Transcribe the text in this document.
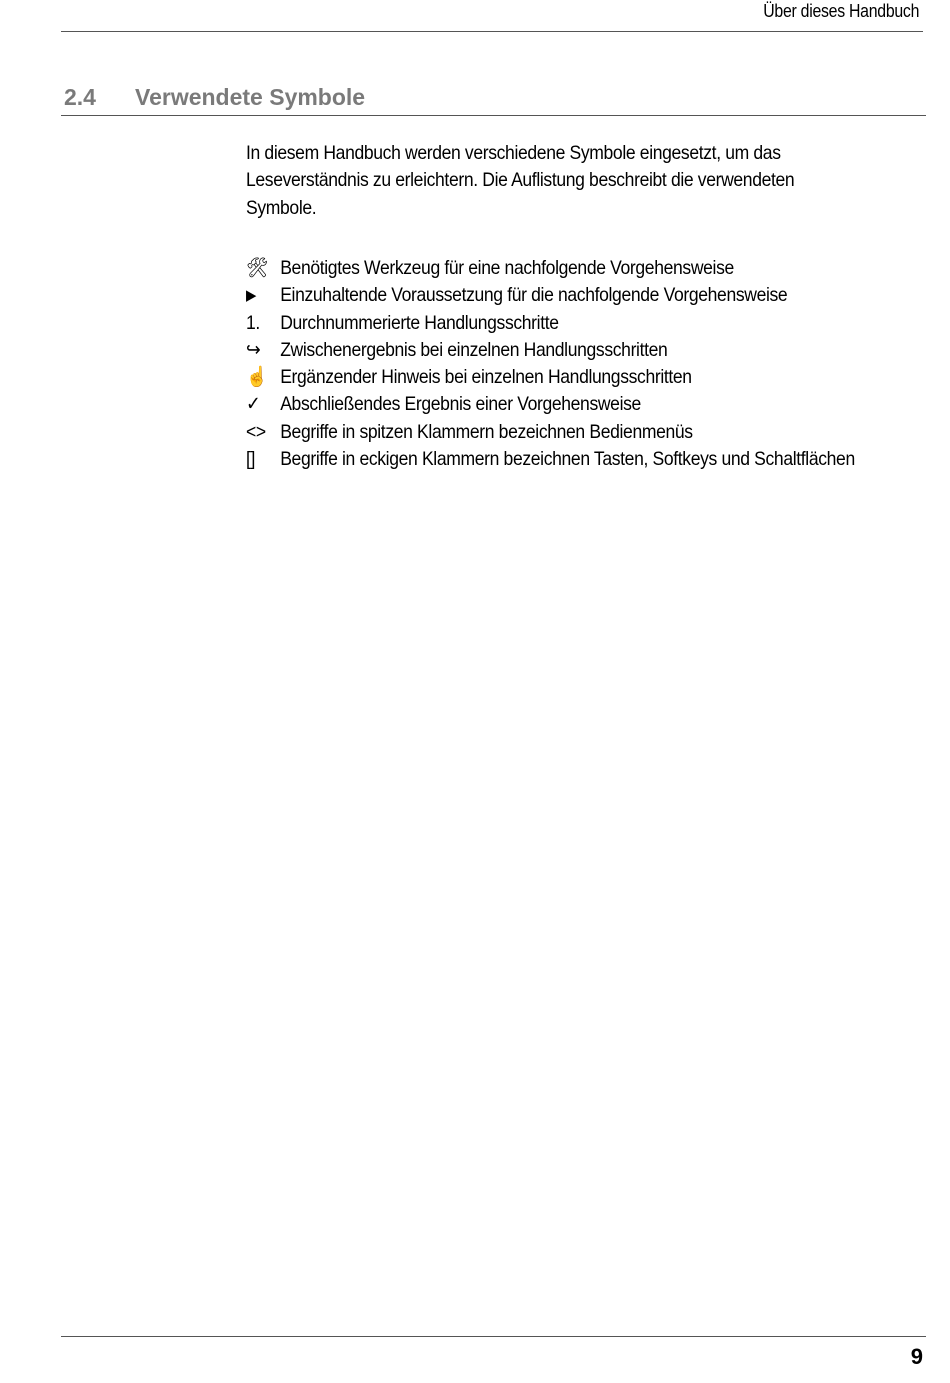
Über dieses Handbuch
2.4 Verwendete Symbole

In diesem Handbuch werden verschiedene Symbole eingesetzt, um das Leseverständnis zu erleichtern. Die Auflistung beschreibt die verwendeten Symbole.

🛠 Benötigtes Werkzeug für eine nachfolgende Vorgehensweise
▶	Einzuhaltende Voraussetzung für die nachfolgende Vorgehensweise
1.	Durchnummerierte Handlungsschritte
↪	Zwischenergebnis bei einzelnen Handlungsschritten
☝ Ergänzender Hinweis bei einzelnen Handlungsschritten
✓	Abschließendes Ergebnis einer Vorgehensweise
<> Begriffe in spitzen Klammern bezeichnen Bedienmenüs
[]	Begriffe in eckigen Klammern bezeichnen Tasten, Softkeys und Schaltflächen
9
